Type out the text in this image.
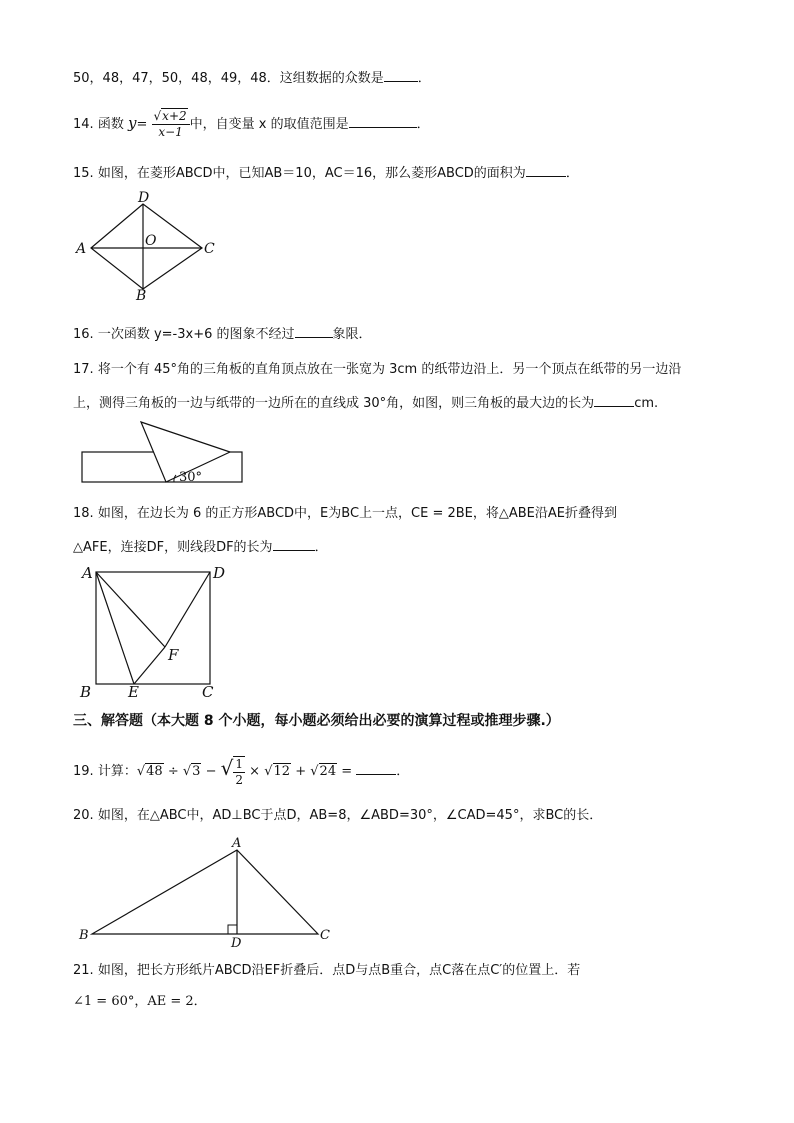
50，48，47，50，48，49，48．这组数据的众数是	．
14. 函数 $y= \frac{√x+2}{x-1}$ 中，自变量 x 的取值范围是	．
15. 如图，在菱形ABCD中，已知AB＝10，AC＝16，那么菱形ABCD的面积为	．
A	C
D
B
O
16. 一次函数 y=-3x+6 的图象不经过	象限．
17. 将一个有 45°角的三角板的直角顶点放在一张宽为 3cm 的纸带边沿上．另一个顶点在纸带的另一边沿
上，测得三角板的一边与纸带的一边所在的直线成 30°角，如图，则三角板的最大边的长为	cm.
30°
18. 如图，在边长为 6 的正方形ABCD中，E为BC上一点，CE = 2BE，将△ABE沿AE折叠得到
△AFE，连接DF，则线段DF的长为	．
A	D
B E	C
F
三、解答题（本大题 8 个小题，每小题必须给出必要的演算过程或推理步骤.）
19. 计算：√48 ÷ √3 − √ $\frac{1}{2} \times √12 + √24$ =	．
20. 如图，在△ABC中，AD⊥BC于点D，AB=8，∠ABD=30°，∠CAD=45°，求BC的长．
A
B
D
C
21. 如图，把长方形纸片ABCD沿EF折叠后．点D与点B重合，点C落在点C′的位置上．若
∠1 = 60°，AE = 2．
